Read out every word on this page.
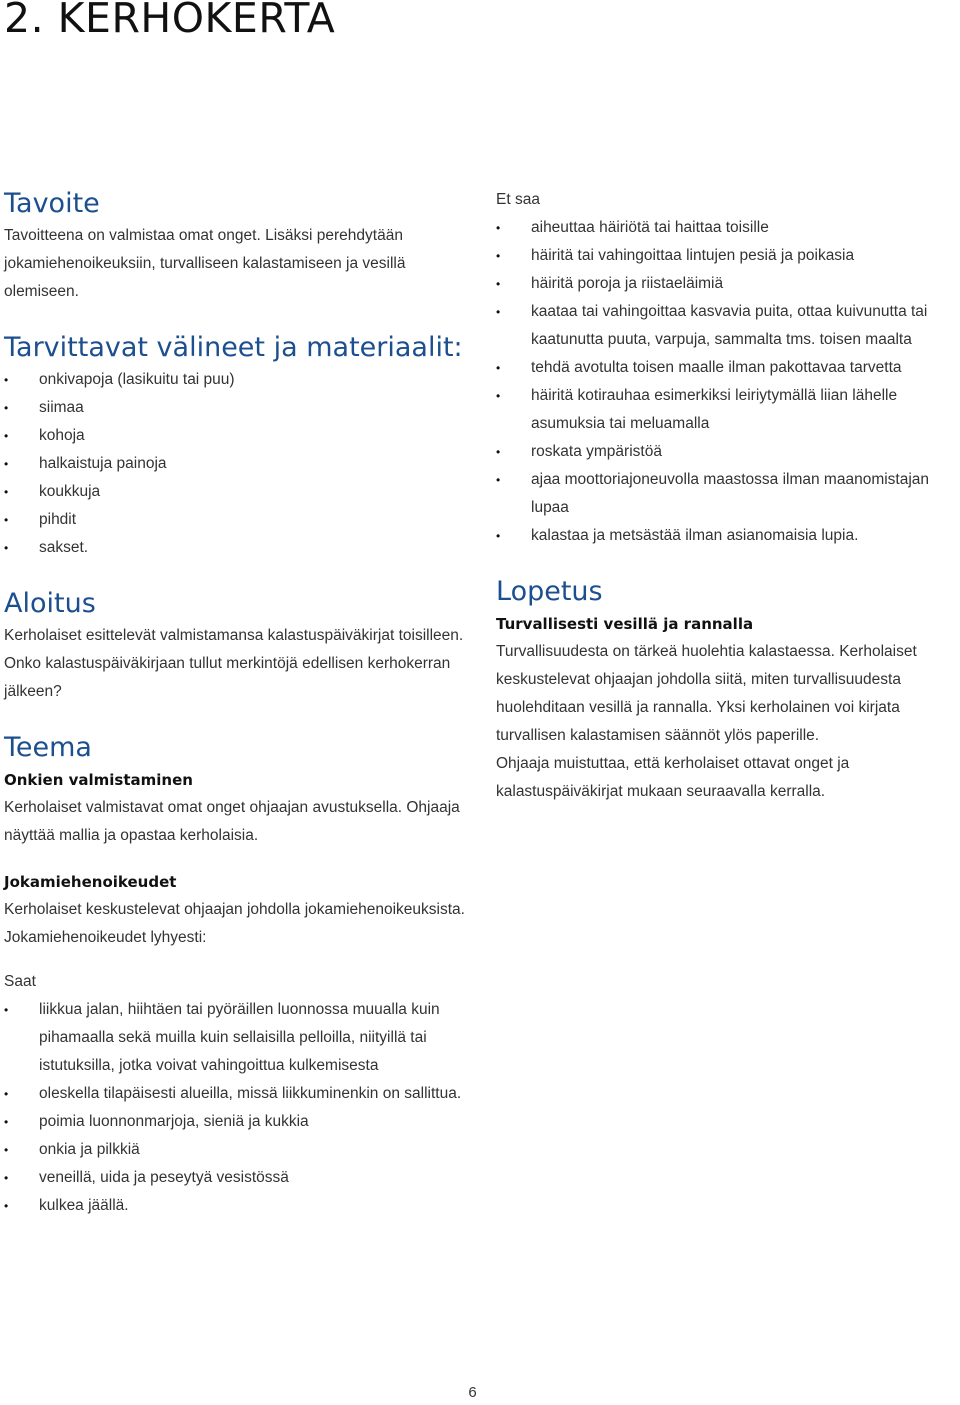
2. KERHOKERTA
Tavoite

Tavoitteena on valmistaa omat onget. Lisäksi perehdytään jokamiehenoikeuksiin, turvalliseen kalastamiseen ja vesillä olemiseen.

Tarvittavat välineet ja materiaalit:
•	onkivapoja (lasikuitu tai puu)
•	siimaa
•	kohoja
•	halkaistuja painoja
•	koukkuja
•	pihdit
•	sakset.
Aloitus

Kerholaiset esittelevät valmistamansa kalastuspäiväkirjat toisilleen. Onko kalastuspäiväkirjaan tullut merkintöjä edellisen kerhokerran jälkeen?

Teema
Onkien valmistaminen

Kerholaiset valmistavat omat onget ohjaajan avustuksella. Ohjaaja näyttää mallia ja opastaa kerholaisia.

Et saa
•	aiheuttaa häiriötä tai haittaa toisille
•	häiritä tai vahingoittaa lintujen pesiä ja poikasia
•	häiritä poroja ja riistaeläimiä
•	kaataa tai vahingoittaa kasvavia puita, ottaa kuivunutta tai kaatunutta puuta, varpuja, sammalta tms. toisen maalta
•	tehdä avotulta toisen maalle ilman pakottavaa tarvetta
•	häiritä kotirauhaa esimerkiksi leiriytymällä liian lähelle asumuksia tai meluamalla
•	roskata ympäristöä
•	ajaa moottoriajoneuvolla maastossa ilman maanomistajan lupaa
•	kalastaa ja metsästää ilman asianomaisia lupia.
Lopetus
Turvallisesti vesillä ja rannalla

Turvallisuudesta on tärkeä huolehtia kalastaessa. Kerholaiset keskustelevat ohjaajan johdolla siitä, miten turvallisuudesta huolehditaan vesillä ja rannalla. Yksi kerholainen voi kirjata turvallisen kalastamisen säännöt ylös paperille.

Ohjaaja muistuttaa, että kerholaiset ottavat onget ja kalastuspäiväkirjat mukaan seuraavalla kerralla.

Jokamiehenoikeudet

Kerholaiset keskustelevat ohjaajan johdolla jokamiehenoikeuksista. Jokamiehenoikeudet lyhyesti:

Saat
•	liikkua jalan, hiihtäen tai pyöräillen luonnossa muualla kuin pihamaalla sekä muilla kuin sellaisilla pelloilla, niityillä tai istutuksilla, jotka voivat vahingoittua kulkemisesta
•	oleskella tilapäisesti alueilla, missä liikkuminenkin on sallittua.
•	poimia luonnonmarjoja, sieniä ja kukkia
•	onkia ja pilkkiä
•	veneillä, uida ja peseytyä vesistössä
•	kulkea jäällä.
6
